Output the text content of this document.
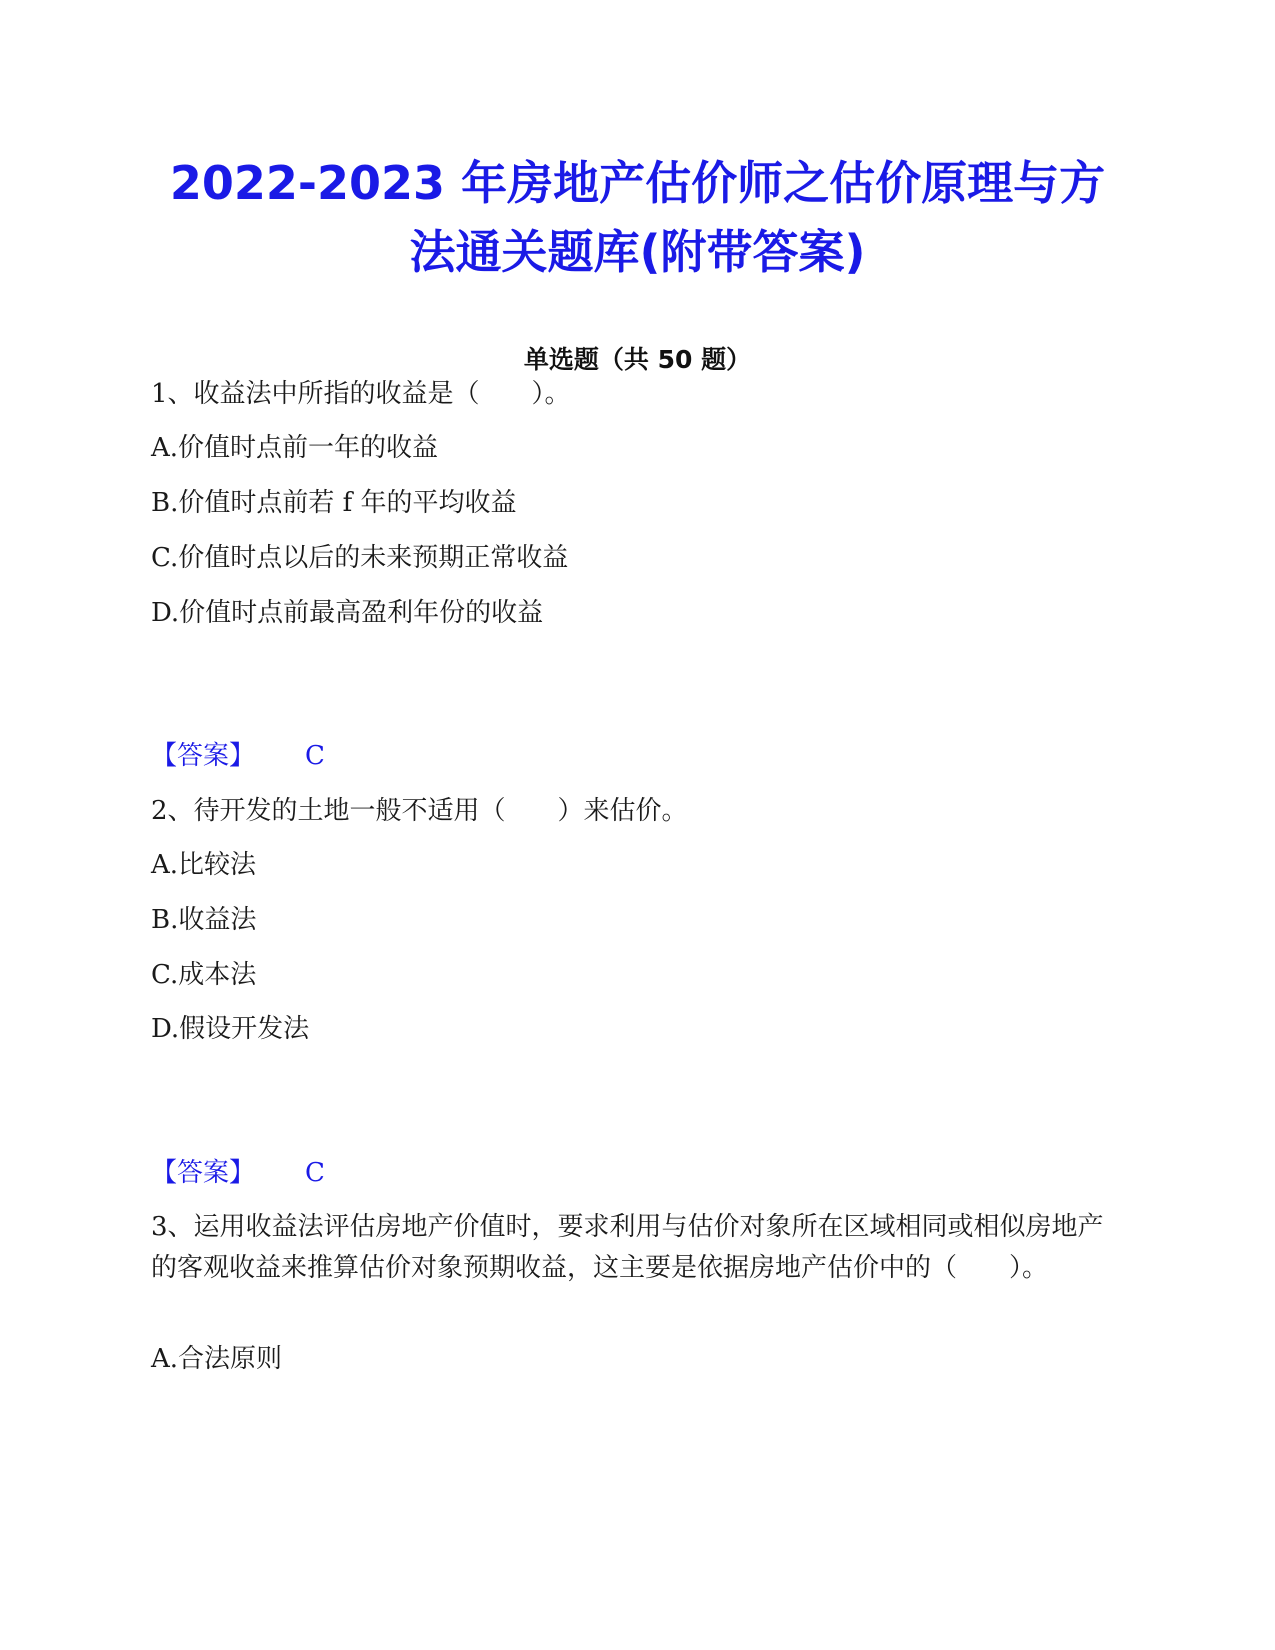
2022-2023 年房地产估价师之估价原理与方
法通关题库(附带答案)
单选题（共 50 题）
1、收益法中所指的收益是（　　）。
A.价值时点前一年的收益
B.价值时点前若 f 年的平均收益
C.价值时点以后的未来预期正常收益
D.价值时点前最高盈利年份的收益
【答案】 C
2、待开发的土地一般不适用（　　）来估价。
A.比较法
B.收益法
C.成本法
D.假设开发法
【答案】 C
3、运用收益法评估房地产价值时，要求利用与估价对象所在区域相同或相似房地产的客观收益来推算估价对象预期收益，这主要是依据房地产估价中的（　　）。
A.合法原则
